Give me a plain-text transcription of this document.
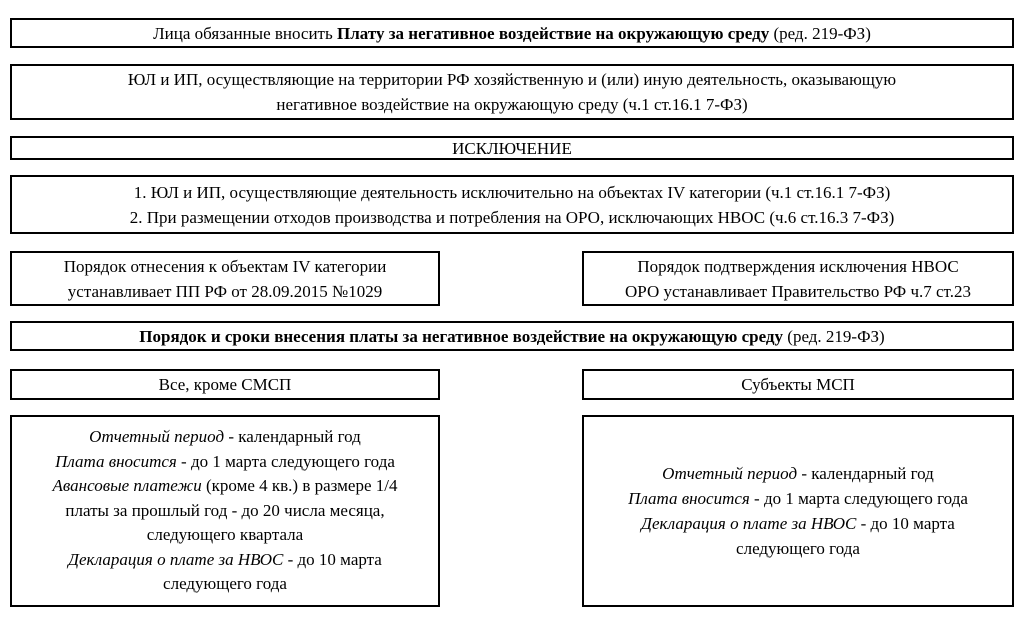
Лица обязанные вносить Плату за негативное воздействие на окружающую среду (ред. 219-ФЗ)
ЮЛ и ИП, осуществляющие на территории РФ хозяйственную и (или) иную деятельность, оказывающую
негативное воздействие на окружающую среду (ч.1 ст.16.1 7-ФЗ)
ИСКЛЮЧЕНИЕ
1. ЮЛ и ИП, осуществляющие деятельность исключительно на объектах IV категории (ч.1 ст.16.1 7-ФЗ)
2. При размещении отходов производства и потребления на ОРО, исключающих НВОС (ч.6 ст.16.3 7-ФЗ)
Порядок отнесения к объектам IV категории
устанавливает ПП РФ от 28.09.2015 №1029
Порядок подтверждения исключения НВОС
ОРО устанавливает Правительство РФ ч.7 ст.23
Порядок и сроки внесения платы за негативное воздействие на окружающую среду (ред. 219-ФЗ)
Все, кроме СМСП	Субъекты МСП
Отчетный период - календарный год
Плата вносится - до 1 марта следующего года
Авансовые платежи (кроме 4 кв.) в размере 1/4
платы за прошлый год - до 20 числа месяца,
следующего квартала
Декларация о плате за НВОС - до 10 марта
следующего года
Отчетный период - календарный год
Плата вносится - до 1 марта следующего года
Декларация о плате за НВОС - до 10 марта
следующего года
